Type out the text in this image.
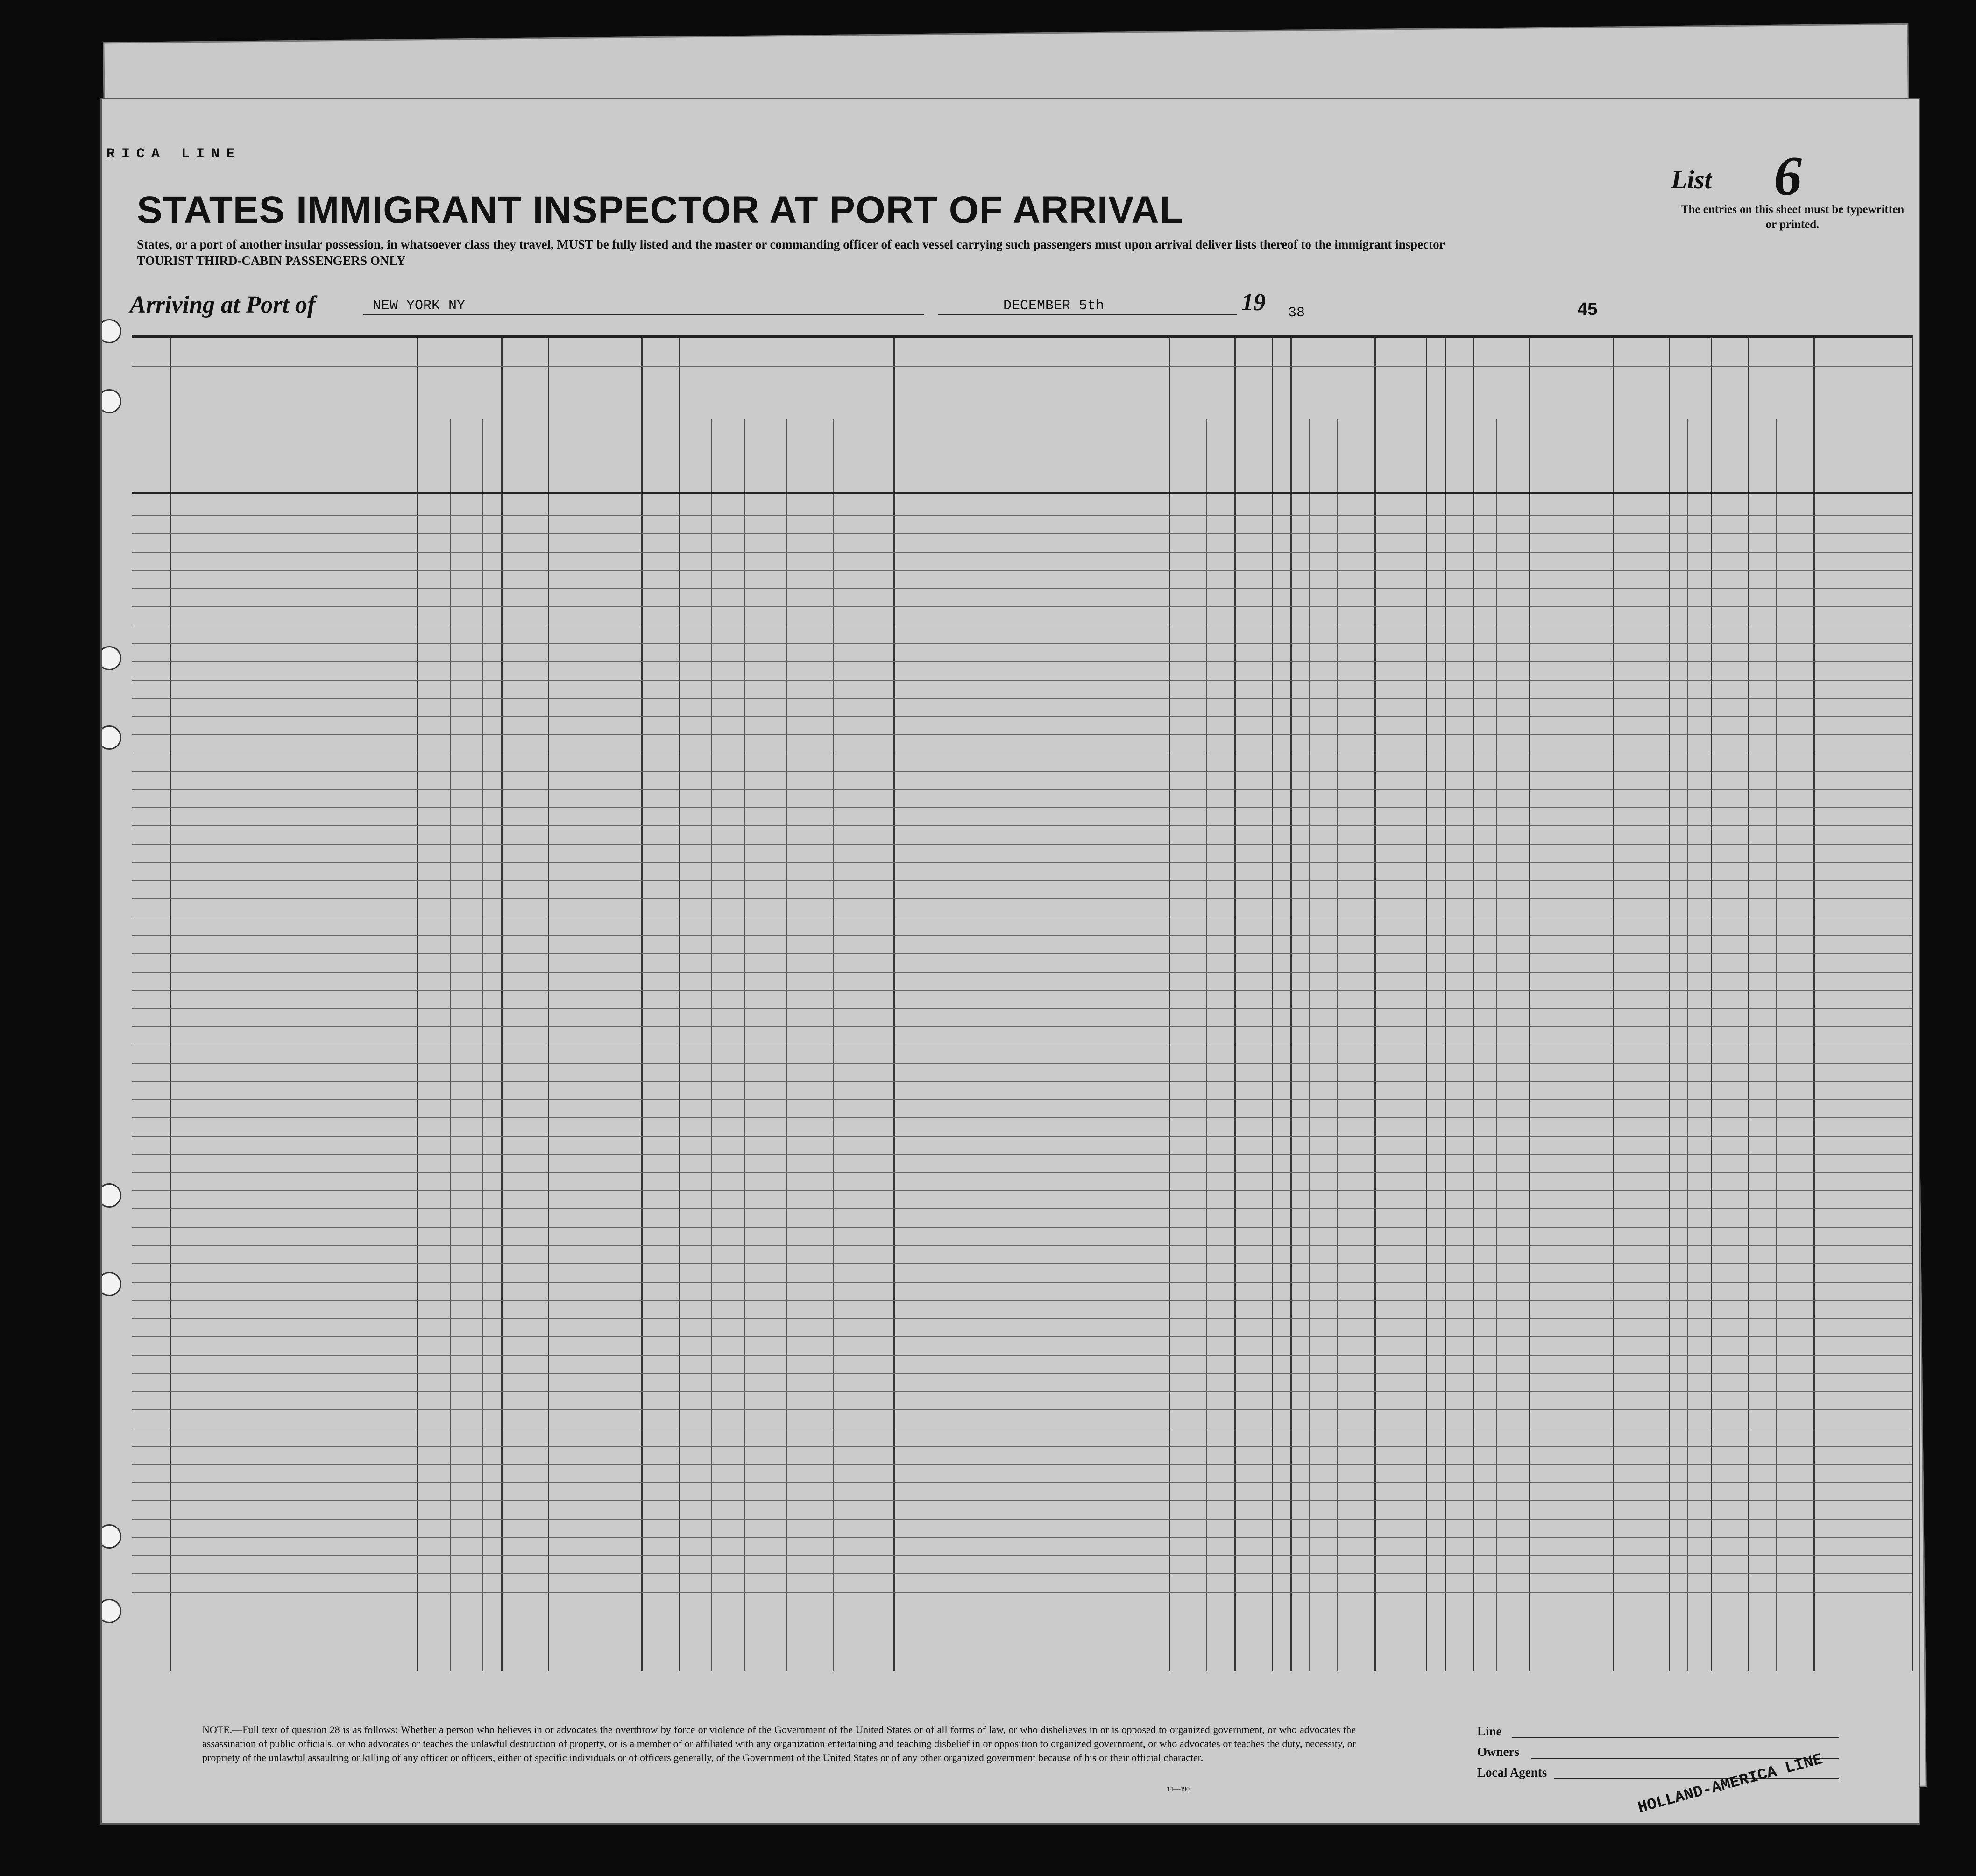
RICA LINE
STATES IMMIGRANT INSPECTOR AT PORT OF ARRIVAL
States, or a port of another insular possession, in whatsoever class they travel, MUST be fully listed and the master or commanding officer of each vessel carrying such passengers must upon arrival deliver lists thereof to the immigrant inspector
TOURIST THIRD-CABIN PASSENGERS ONLY
List 6
The entries on this sheet must be typewritten or printed.
Arriving at Port of	NEW YORK NY	DECEMBER 5th	19 38	45
NOTE.—Full text of question 28 is as follows: Whether a person who believes in or advocates the overthrow by force or violence of the Government of the United States or of all forms of law, or who disbelieves in or is opposed to organized government, or who advocates the assassination of public officials, or who advocates or teaches the unlawful destruction of property, or is a member of or affiliated with any organization entertaining and teaching disbelief in or opposition to organized government, or who advocates or teaches the duty, necessity, or propriety of the unlawful assaulting or killing of any officer or officers, either of specific individuals or of officers generally, of the Government of the United States or of any other organized government because of his or their official character.
14—490
Line
Owners
Local Agents	HOLLAND-AMERICA LINE
